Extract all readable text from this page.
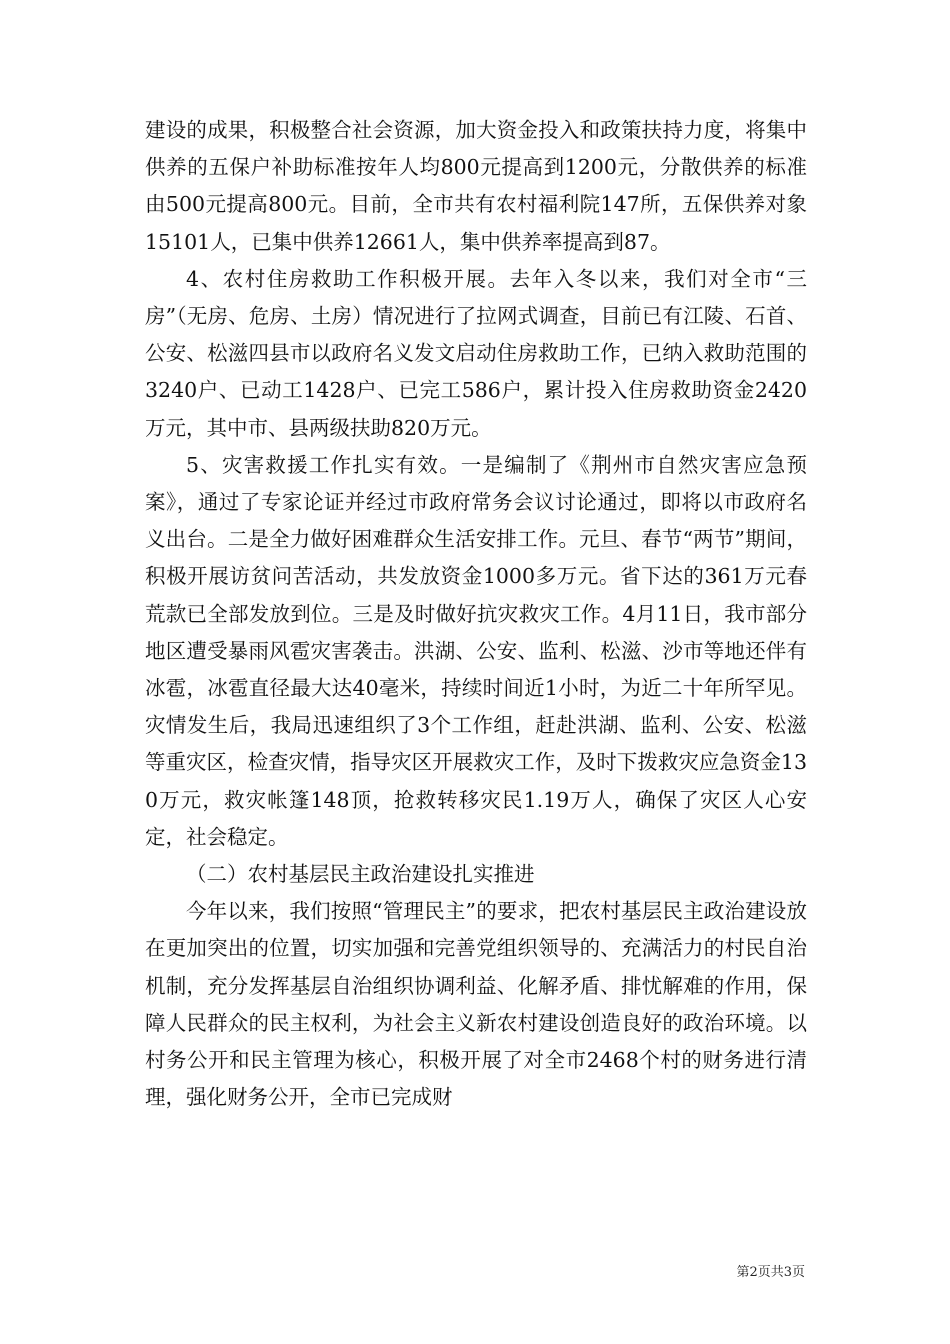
建设的成果，积极整合社会资源，加大资金投入和政策扶持力度，将集中供养的五保户补助标准按年人均800元提高到1200元，分散供养的标准由500元提高800元。目前，全市共有农村福利院147所，五保供养对象15101人，已集中供养12661人，集中供养率提高到87。

4、农村住房救助工作积极开展。去年入冬以来，我们对全市“三房”（无房、危房、土房）情况进行了拉网式调查，目前已有江陵、石首、公安、松滋四县市以政府名义发文启动住房救助工作，已纳入救助范围的3240户、已动工1428户、已完工586户，累计投入住房救助资金2420万元，其中市、县两级扶助820万元。

5、灾害救援工作扎实有效。一是编制了《荆州市自然灾害应急预案》，通过了专家论证并经过市政府常务会议讨论通过，即将以市政府名义出台。二是全力做好困难群众生活安排工作。元旦、春节“两节”期间，积极开展访贫问苦活动，共发放资金1000多万元。省下达的361万元春荒款已全部发放到位。三是及时做好抗灾救灾工作。4月11日，我市部分地区遭受暴雨风雹灾害袭击。洪湖、公安、监利、松滋、沙市等地还伴有冰雹，冰雹直径最大达40毫米，持续时间近1小时，为近二十年所罕见。灾情发生后，我局迅速组织了3个工作组，赶赴洪湖、监利、公安、松滋等重灾区，检查灾情，指导灾区开展救灾工作，及时下拨救灾应急资金130万元，救灾帐篷148顶，抢救转移灾民1.19万人，确保了灾区人心安定，社会稳定。

（二）农村基层民主政治建设扎实推进

今年以来，我们按照“管理民主”的要求，把农村基层民主政治建设放在更加突出的位置，切实加强和完善党组织领导的、充满活力的村民自治机制，充分发挥基层自治组织协调利益、化解矛盾、排忧解难的作用，保障人民群众的民主权利，为社会主义新农村建设创造良好的政治环境。以村务公开和民主管理为核心，积极开展了对全市2468个村的财务进行清理，强化财务公开，全市已完成财

第2页共3页
